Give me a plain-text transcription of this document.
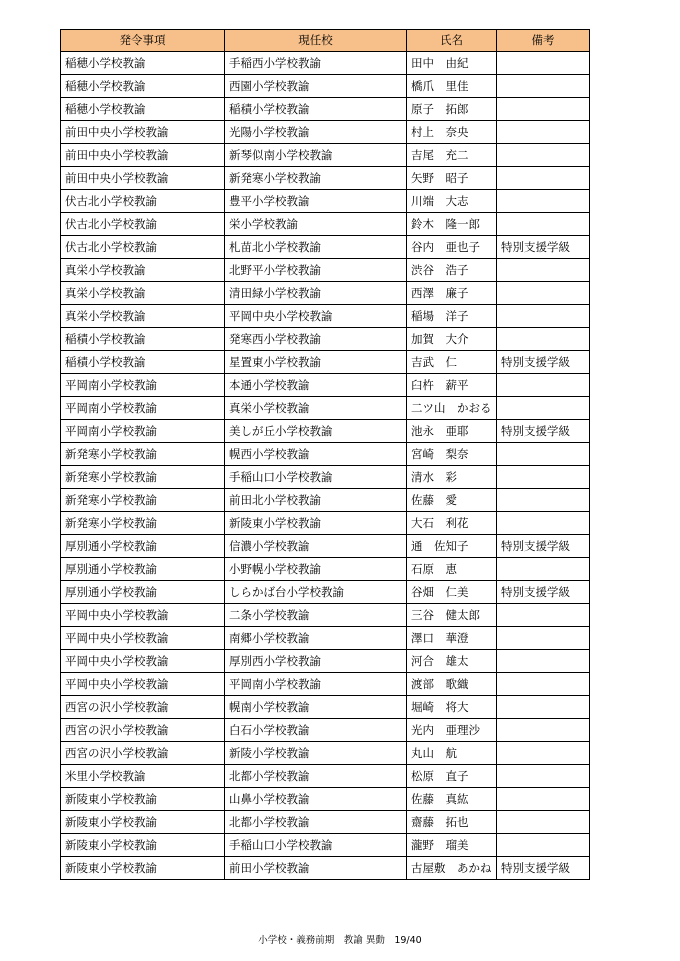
発令事項	現任校	氏名	備考
稲穂小学校教諭	手稲西小学校教諭	田中　由紀	
稲穂小学校教諭	西園小学校教諭	橋爪　里佳	
稲穂小学校教諭	稲積小学校教諭	原子　拓郎	
前田中央小学校教諭	光陽小学校教諭	村上　奈央	
前田中央小学校教諭	新琴似南小学校教諭	吉尾　充二	
前田中央小学校教諭	新発寒小学校教諭	矢野　昭子	
伏古北小学校教諭	豊平小学校教諭	川端　大志	
伏古北小学校教諭	栄小学校教諭	鈴木　隆一郎	
伏古北小学校教諭	札苗北小学校教諭	谷内　亜也子	特別支援学級
真栄小学校教諭	北野平小学校教諭	渋谷　浩子	
真栄小学校教諭	清田緑小学校教諭	西澤　廉子	
真栄小学校教諭	平岡中央小学校教諭	稲場　洋子	
稲積小学校教諭	発寒西小学校教諭	加賀　大介	
稲積小学校教諭	星置東小学校教諭	吉武　仁	特別支援学級
平岡南小学校教諭	本通小学校教諭	臼杵　薪平	
平岡南小学校教諭	真栄小学校教諭	二ツ山　かおる	
平岡南小学校教諭	美しが丘小学校教諭	池永　亜耶	特別支援学級
新発寒小学校教諭	幌西小学校教諭	宮崎　梨奈	
新発寒小学校教諭	手稲山口小学校教諭	清水　彩	
新発寒小学校教諭	前田北小学校教諭	佐藤　愛	
新発寒小学校教諭	新陵東小学校教諭	大石　利花	
厚別通小学校教諭	信濃小学校教諭	通　佐知子	特別支援学級
厚別通小学校教諭	小野幌小学校教諭	石原　恵	
厚別通小学校教諭	しらかば台小学校教諭	谷畑　仁美	特別支援学級
平岡中央小学校教諭	二条小学校教諭	三谷　健太郎	
平岡中央小学校教諭	南郷小学校教諭	澤口　華澄	
平岡中央小学校教諭	厚別西小学校教諭	河合　雄太	
平岡中央小学校教諭	平岡南小学校教諭	渡部　歌織	
西宮の沢小学校教諭	幌南小学校教諭	堀崎　将大	
西宮の沢小学校教諭	白石小学校教諭	光内　亜理沙	
西宮の沢小学校教諭	新陵小学校教諭	丸山　航	
米里小学校教諭	北都小学校教諭	松原　直子	
新陵東小学校教諭	山鼻小学校教諭	佐藤　真紘	
新陵東小学校教諭	北都小学校教諭	齋藤　拓也	
新陵東小学校教諭	手稲山口小学校教諭	瀧野　瑠美	
新陵東小学校教諭	前田小学校教諭	古屋敷　あかね	特別支援学級
小学校・義務前期　教諭 異動　19/40
